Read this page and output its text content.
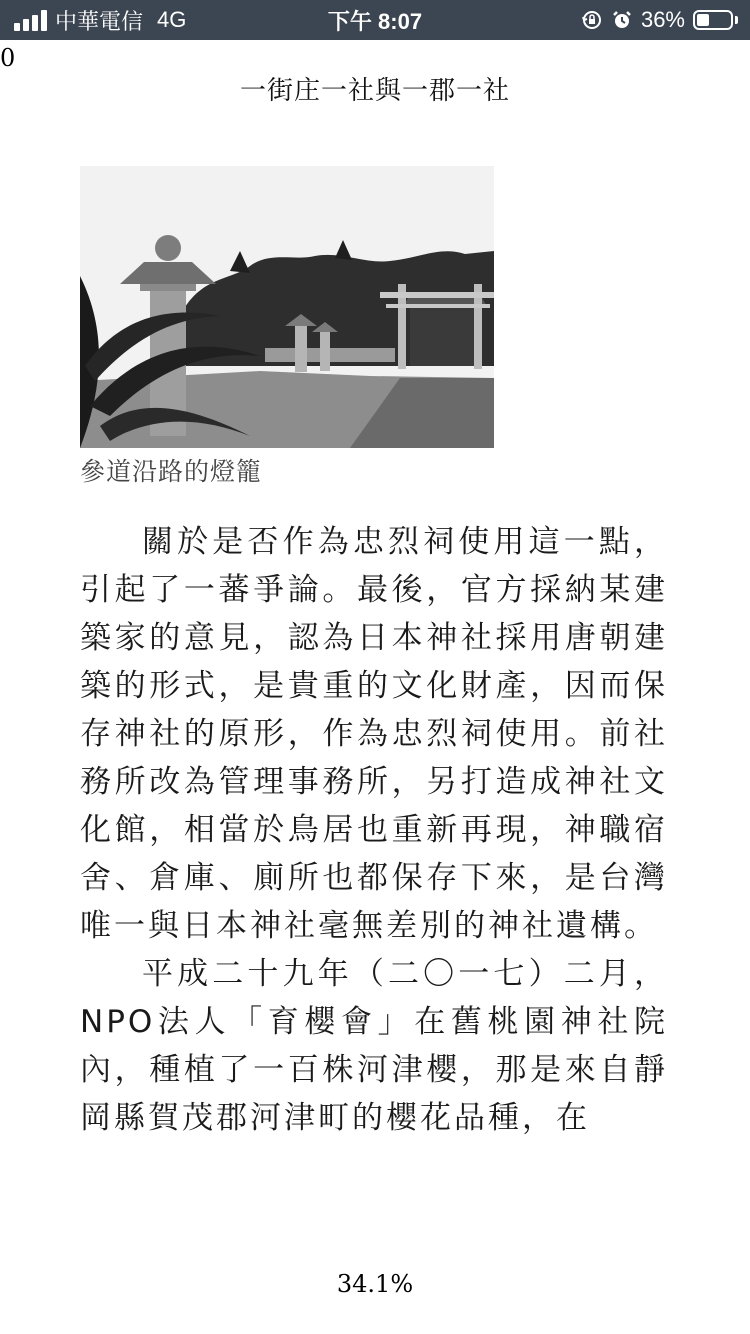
中華電信 4G	下午 8:07	36%
0
一街庄一社與一郡一社
參道沿路的燈籠

關於是否作為忠烈祠使用這一點，引起了一蕃爭論。最後，官方採納某建築家的意見，認為日本神社採用唐朝建築的形式，是貴重的文化財產，因而保存神社的原形，作為忠烈祠使用。前社務所改為管理事務所，另打造成神社文化館，相當於鳥居也重新再現，神職宿舍、倉庫、廁所也都保存下來，是台灣唯一與日本神社毫無差別的神社遺構。

平成二十九年（二〇一七）二月，NPO法人「育櫻會」在舊桃園神社院內，種植了一百株河津櫻，那是來自靜岡縣賀茂郡河津町的櫻花品種，在

34.1%
